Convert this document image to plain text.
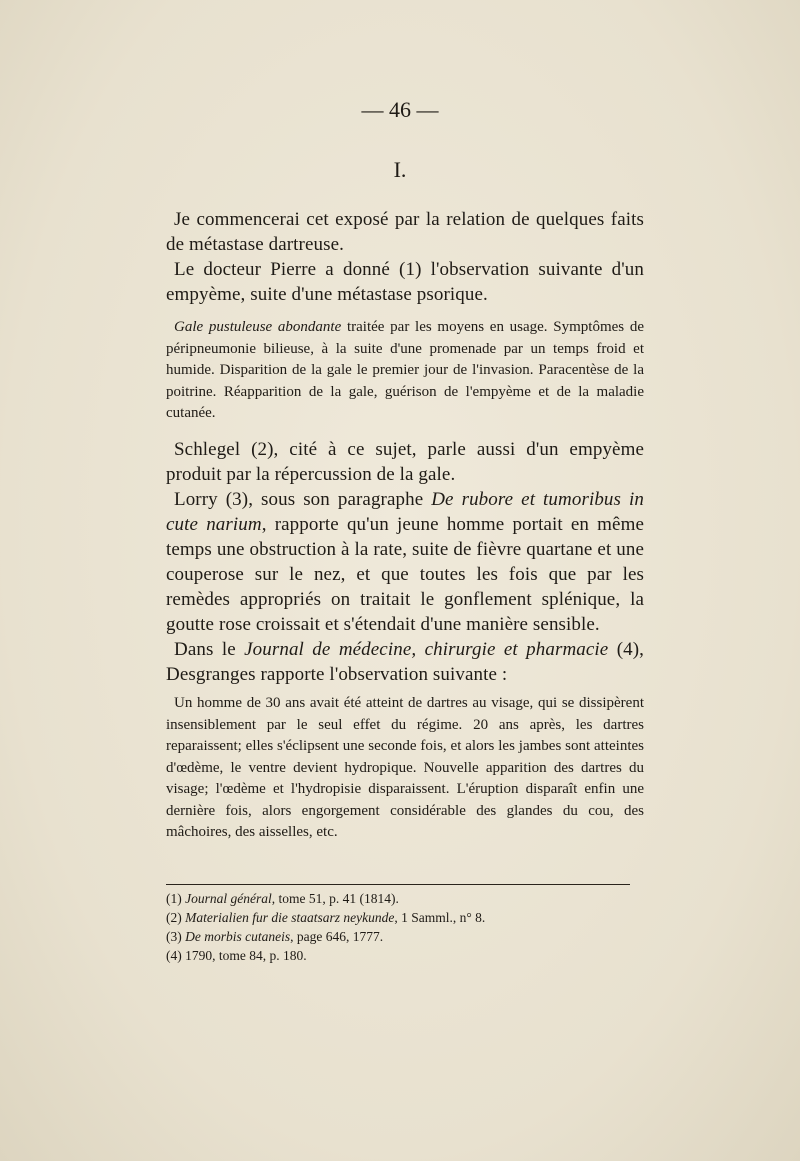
— 46 —
I.

Je commencerai cet exposé par la relation de quelques faits de métastase dartreuse.

Le docteur Pierre a donné (1) l'observation suivante d'un empyème, suite d'une métastase psorique.

Gale pustuleuse abondante traitée par les moyens en usage. Symptômes de péripneumonie bilieuse, à la suite d'une promenade par un temps froid et humide. Disparition de la gale le premier jour de l'invasion. Paracentèse de la poitrine. Réapparition de la gale, guérison de l'empyème et de la maladie cutanée.

Schlegel (2), cité à ce sujet, parle aussi d'un empyème produit par la répercussion de la gale.

Lorry (3), sous son paragraphe De rubore et tumoribus in cute narium, rapporte qu'un jeune homme portait en même temps une obstruction à la rate, suite de fièvre quartane et une couperose sur le nez, et que toutes les fois que par les remèdes appropriés on traitait le gonflement splénique, la goutte rose croissait et s'étendait d'une manière sensible.

Dans le Journal de médecine, chirurgie et pharmacie (4), Desgranges rapporte l'observation suivante :

Un homme de 30 ans avait été atteint de dartres au visage, qui se dissipèrent insensiblement par le seul effet du régime. 20 ans après, les dartres reparaissent; elles s'éclipsent une seconde fois, et alors les jambes sont atteintes d'œdème, le ventre devient hydropique. Nouvelle apparition des dartres du visage; l'œdème et l'hydropisie disparaissent. L'éruption disparaît enfin une dernière fois, alors engorgement considérable des glandes du cou, des mâchoires, des aisselles, etc.

(1) Journal général, tome 51, p. 41 (1814).
(2) Materialien fur die staatsarz neykunde, 1 Samml., n° 8.
(3) De morbis cutaneis, page 646, 1777.
(4) 1790, tome 84, p. 180.
